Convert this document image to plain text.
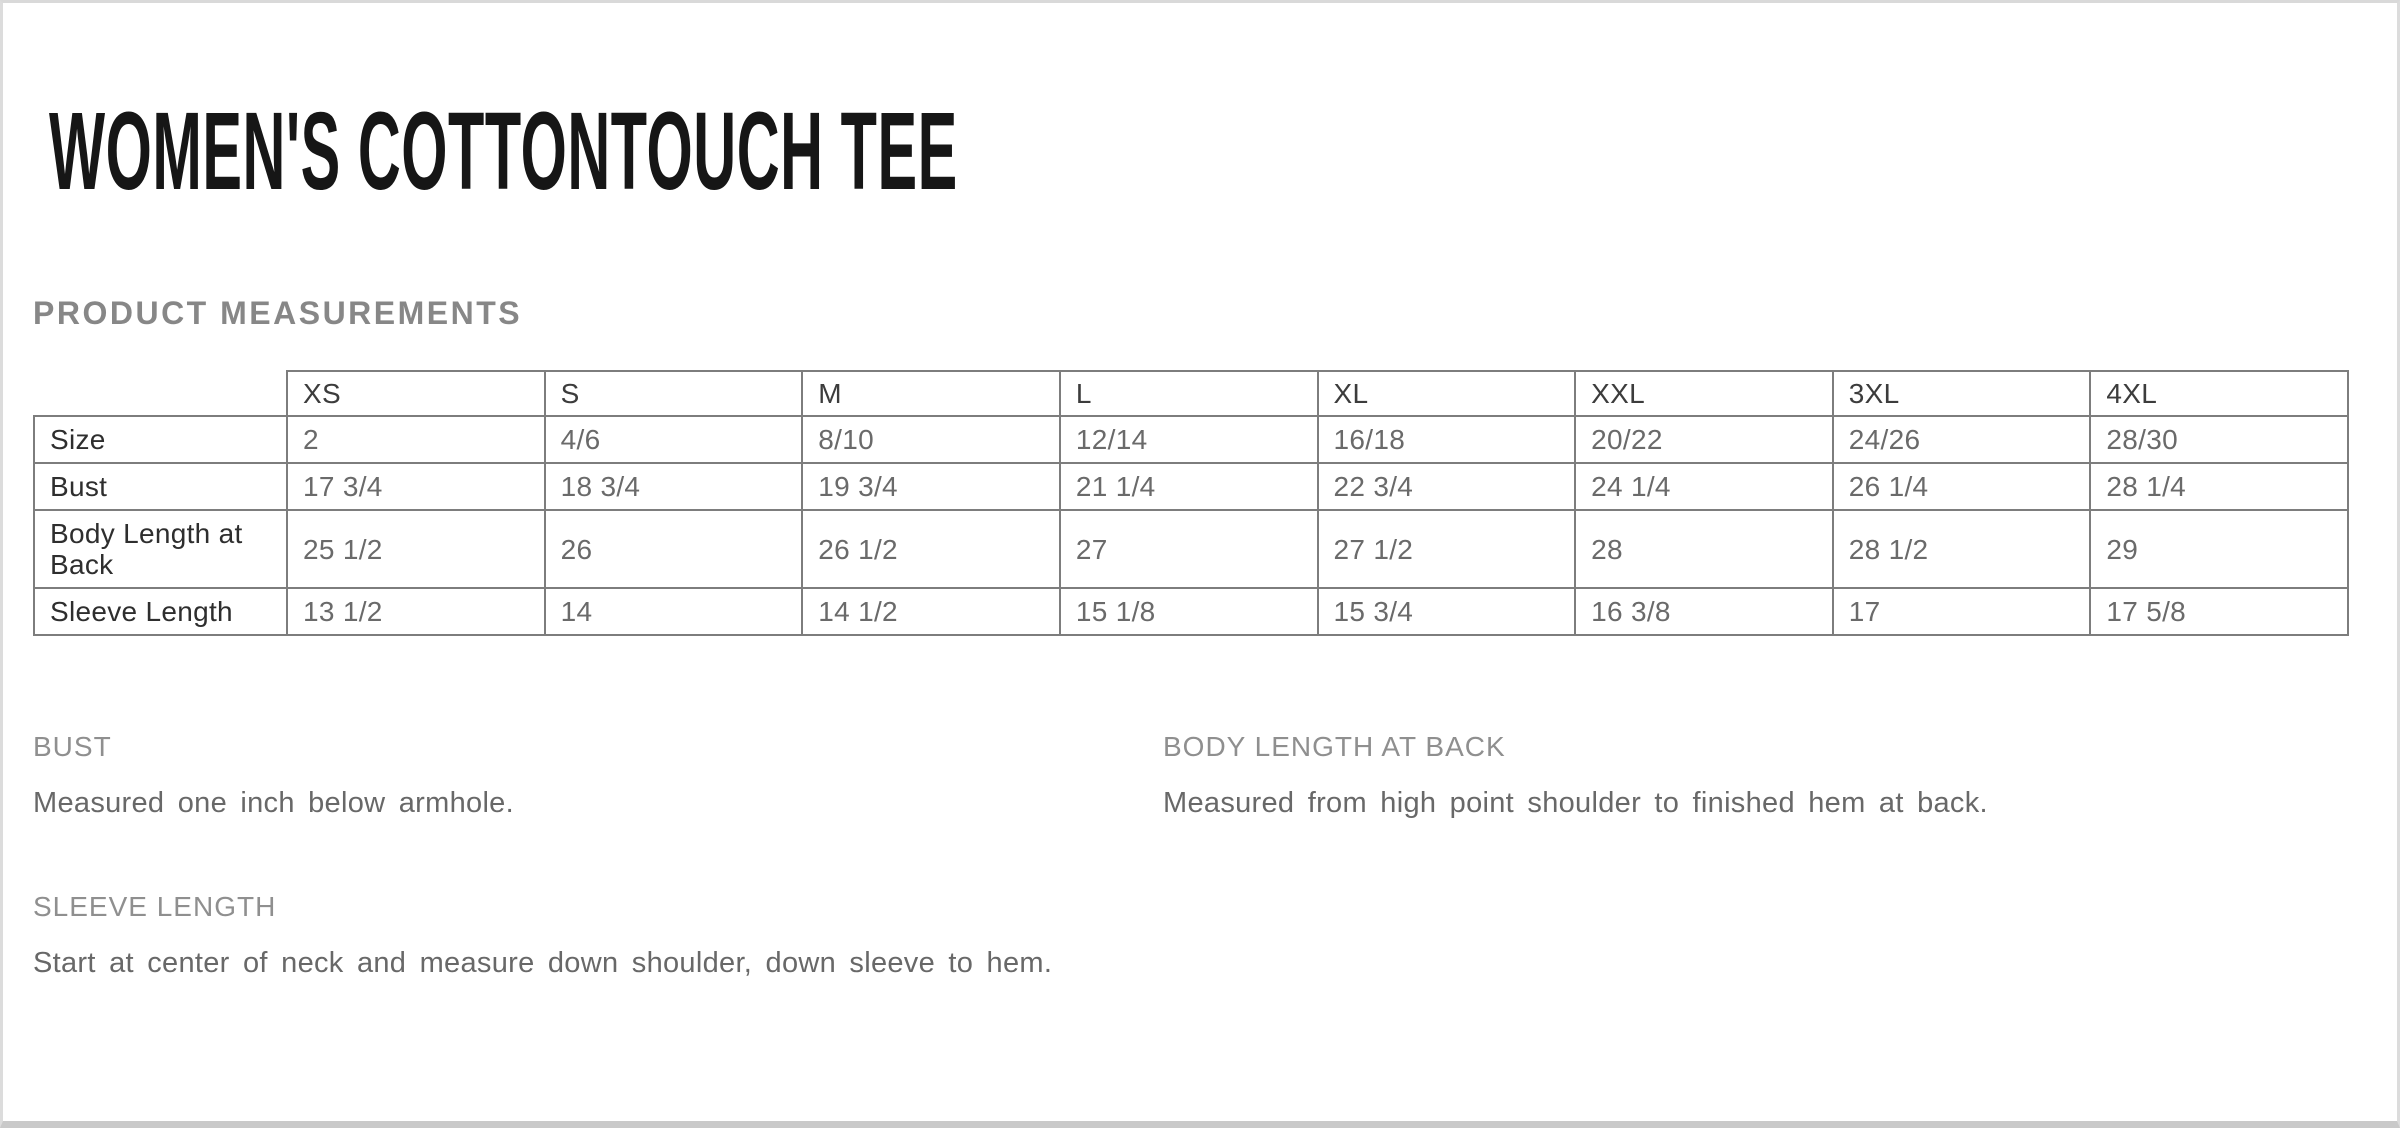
WOMEN'S COTTONTOUCH TEE
PRODUCT MEASUREMENTS
	XS	S	M	L	XL	XXL	3XL	4XL
Size	2	4/6	8/10	12/14	16/18	20/22	24/26	28/30
Bust	17 3/4	18 3/4	19 3/4	21 1/4	22 3/4	24 1/4	26 1/4	28 1/4
Body Length at Back	25 1/2	26	26 1/2	27	27 1/2	28	28 1/2	29
Sleeve Length	13 1/2	14	14 1/2	15 1/8	15 3/4	16 3/8	17	17 5/8
BUST

Measured one inch below armhole.

BODY LENGTH AT BACK

Measured from high point shoulder to finished hem at back.

SLEEVE LENGTH

Start at center of neck and measure down shoulder, down sleeve to hem.
